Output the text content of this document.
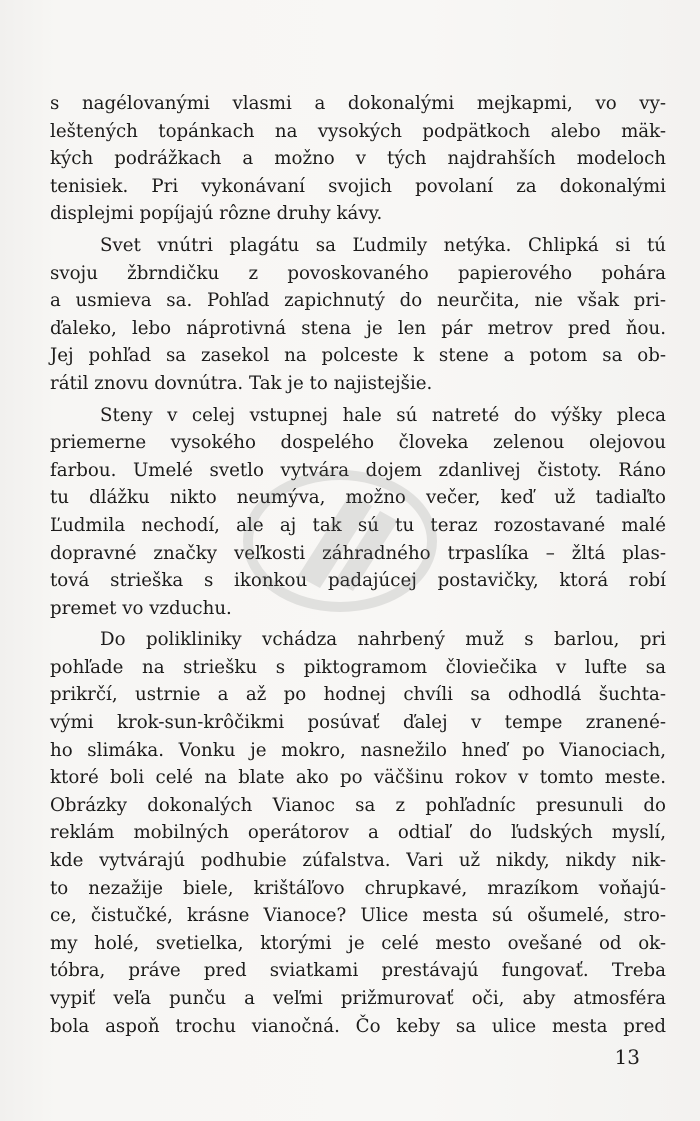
s nagélovanými vlasmi a dokonalými mejkapmi, vo vy-
leštených topánkach na vysokých podpätkoch alebo mäk-
kých podrážkach a možno v tých najdrahších modeloch
tenisiek. Pri vykonávaní svojich povolaní za dokonalými
displejmi popíjajú rôzne druhy kávy.
Svet vnútri plagátu sa Ľudmily netýka. Chlipká si tú
svoju žbrndičku z povoskovaného papierového pohára
a usmieva sa. Pohľad zapichnutý do neurčita, nie však pri-
ďaleko, lebo náprotivná stena je len pár metrov pred ňou.
Jej pohľad sa zasekol na polceste k stene a potom sa ob-
rátil znovu dovnútra. Tak je to najistejšie.
Steny v celej vstupnej hale sú natreté do výšky pleca
priemerne vysokého dospelého človeka zelenou olejovou
farbou. Umelé svetlo vytvára dojem zdanlivej čistoty. Ráno
tu dlážku nikto neumýva, možno večer, keď už tadiaľto
Ľudmila nechodí, ale aj tak sú tu teraz rozostavané malé
dopravné značky veľkosti záhradného trpaslíka – žltá plas-
tová strieška s ikonkou padajúcej postavičky, ktorá robí
premet vo vzduchu.
Do polikliniky vchádza nahrbený muž s barlou, pri
pohľade na striešku s piktogramom človiečika v lufte sa
prikrčí, ustrnie a až po hodnej chvíli sa odhodlá šuchta-
vými krok-sun-krôčikmi posúvať ďalej v tempe zranené-
ho slimáka. Vonku je mokro, nasnežilo hneď po Vianociach,
ktoré boli celé na blate ako po väčšinu rokov v tomto meste.
Obrázky dokonalých Vianoc sa z pohľadníc presunuli do
reklám mobilných operátorov a odtiaľ do ľudských myslí,
kde vytvárajú podhubie zúfalstva. Vari už nikdy, nikdy nik-
to nezažije biele, krištáľovo chrupkavé, mrazíkom voňajú-
ce, čistučké, krásne Vianoce? Ulice mesta sú ošumelé, stro-
my holé, svetielka, ktorými je celé mesto ovešané od ok-
tóbra, práve pred sviatkami prestávajú fungovať. Treba
vypiť veľa punču a veľmi prižmurovať oči, aby atmosféra
bola aspoň trochu vianočná. Čo keby sa ulice mesta pred
13
